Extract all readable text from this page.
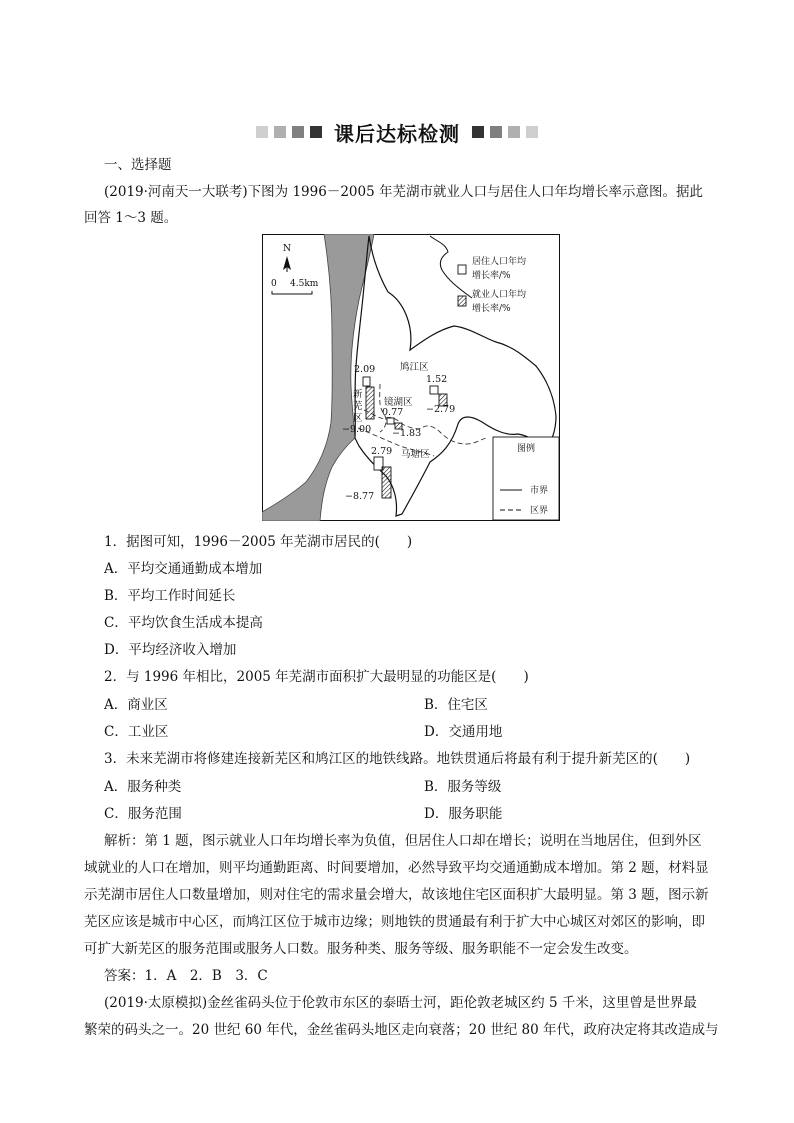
课后达标检测
一、选择题
(2019·河南天一大联考)下图为 1996－2005 年芜湖市就业人口与居住人口年均增长率示意图。据此
回答 1～3 题。
N
0 4.5km
居住人口年均
增长率/%
就业人口年均
增长率/%
2.09	鸠江区
1.52
−2.79
新
芜
区
镜湖区
0.77
−1.83
−9.00
2.79 马塘区
−8.77
图例
市界
区界
1．据图可知，1996－2005 年芜湖市居民的(　　)
A．平均交通通勤成本增加
B．平均工作时间延长
C．平均饮食生活成本提高
D．平均经济收入增加
2．与 1996 年相比，2005 年芜湖市面积扩大最明显的功能区是(　　)
A．商业区	B．住宅区
C．工业区	D．交通用地
3．未来芜湖市将修建连接新芜区和鸠江区的地铁线路。地铁贯通后将最有利于提升新芜区的(　　)
A．服务种类	B．服务等级
C．服务范围	D．服务职能
解析：第 1 题，图示就业人口年均增长率为负值，但居住人口却在增长；说明在当地居住，但到外区
域就业的人口在增加，则平均通勤距离、时间要增加，必然导致平均交通通勤成本增加。第 2 题，材料显
示芜湖市居住人口数量增加，则对住宅的需求量会增大，故该地住宅区面积扩大最明显。第 3 题，图示新
芜区应该是城市中心区，而鸠江区位于城市边缘；则地铁的贯通最有利于扩大中心城区对郊区的影响，即
可扩大新芜区的服务范围或服务人口数。服务种类、服务等级、服务职能不一定会发生改变。
答案：1．A　2．B　3．C
(2019·太原模拟)金丝雀码头位于伦敦市东区的泰晤士河，距伦敦老城区约 5 千米，这里曾是世界最
繁荣的码头之一。20 世纪 60 年代，金丝雀码头地区走向衰落；20 世纪 80 年代，政府决定将其改造成与
